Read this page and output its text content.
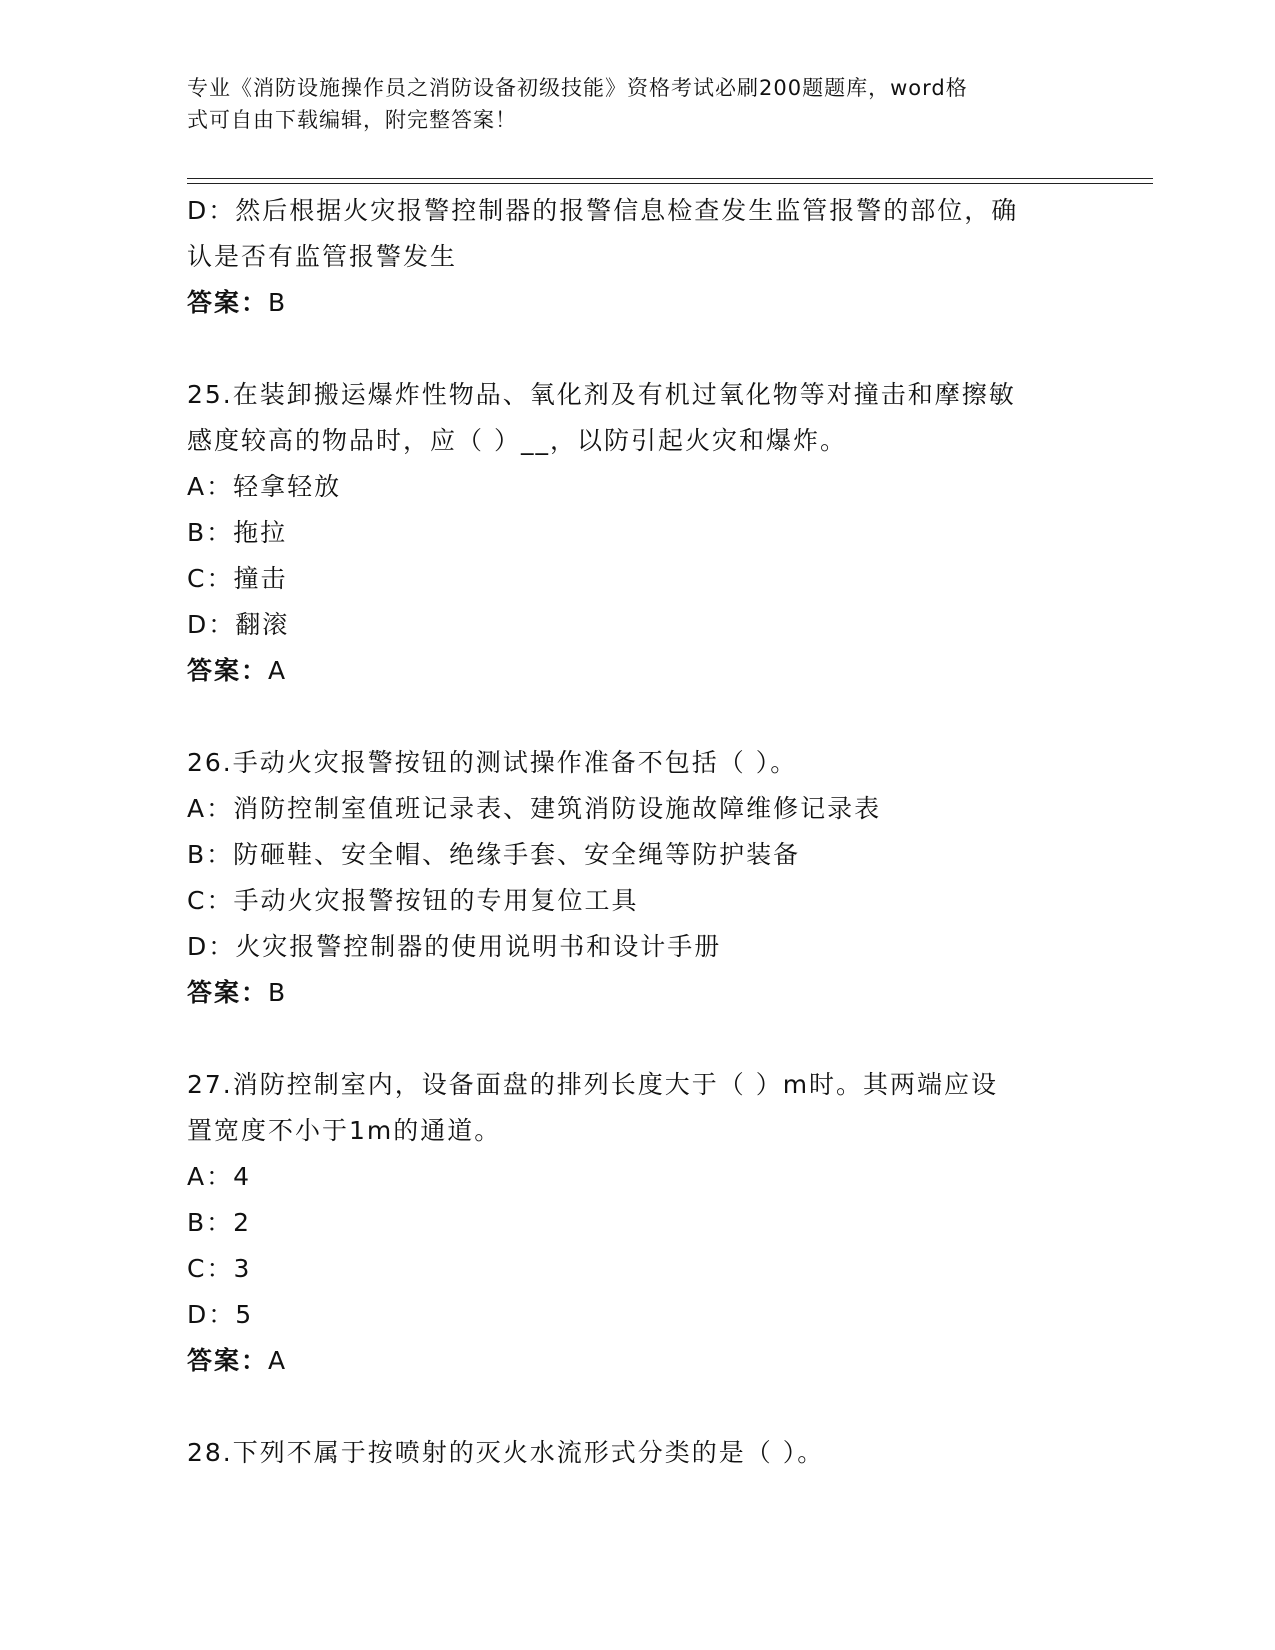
专业《消防设施操作员之消防设备初级技能》资格考试必刷200题题库，word格
式可自由下载编辑，附完整答案！
D：然后根据火灾报警控制器的报警信息检查发生监管报警的部位，确
认是否有监管报警发生
答案：B
25.在装卸搬运爆炸性物品、氧化剂及有机过氧化物等对撞击和摩擦敏
感度较高的物品时，应（ ）__，以防引起火灾和爆炸。
A：轻拿轻放
B：拖拉
C：撞击
D：翻滚
答案：A
26.手动火灾报警按钮的测试操作准备不包括（ ）。
A：消防控制室值班记录表、建筑消防设施故障维修记录表
B：防砸鞋、安全帽、绝缘手套、安全绳等防护装备
C：手动火灾报警按钮的专用复位工具
D：火灾报警控制器的使用说明书和设计手册
答案：B
27.消防控制室内，设备面盘的排列长度大于（ ）m时。其两端应设
置宽度不小于1m的通道。
A：4
B：2
C：3
D：5
答案：A
28.下列不属于按喷射的灭火水流形式分类的是（ ）。
